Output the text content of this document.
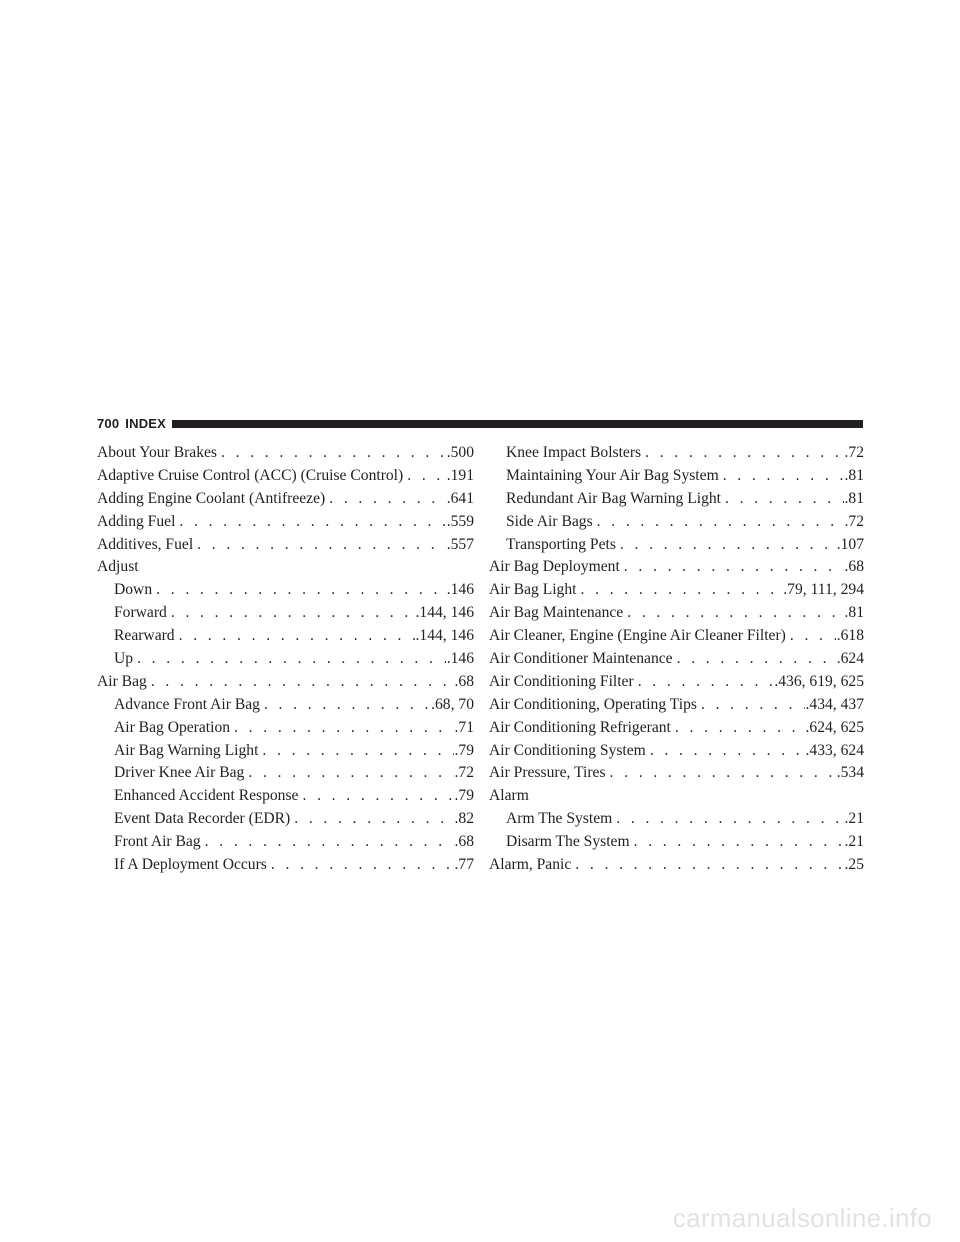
700 INDEX
About Your Brakes . . .	.500
Adaptive Cruise Control (ACC) (Cruise Control) . . .	.191
Adding Engine Coolant (Antifreeze) . . .	.641
Adding Fuel . . .	.559
Additives, Fuel . . .	.557
Adjust
Down . . .	.146
Forward . . .	.144, 146
Rearward . . .	.144, 146
Up . . .	.146
Air Bag . . .	.68
Advance Front Air Bag . . .	.68, 70
Air Bag Operation . . .	.71
Air Bag Warning Light . . .	.79
Driver Knee Air Bag . . .	.72
Enhanced Accident Response . . .	.79
Event Data Recorder (EDR) . . .	.82
Front Air Bag . . .	.68
If A Deployment Occurs . . .	.77
Knee Impact Bolsters . . .	.72
Maintaining Your Air Bag System . . .	.81
Redundant Air Bag Warning Light . . .	.81
Side Air Bags . . .	.72
Transporting Pets . . .	.107
Air Bag Deployment . . .	.68
Air Bag Light . . .	.79, 111, 294
Air Bag Maintenance . . .	.81
Air Cleaner, Engine (Engine Air Cleaner Filter) . . .	.618
Air Conditioner Maintenance . . .	.624
Air Conditioning Filter . . .	.436, 619, 625
Air Conditioning, Operating Tips . . .	.434, 437
Air Conditioning Refrigerant . . .	.624, 625
Air Conditioning System . . .	.433, 624
Air Pressure, Tires . . .	.534
Alarm
Arm The System . . .	.21
Disarm The System . . .	.21
Alarm, Panic . . .	.25
carmanualsonline.info
